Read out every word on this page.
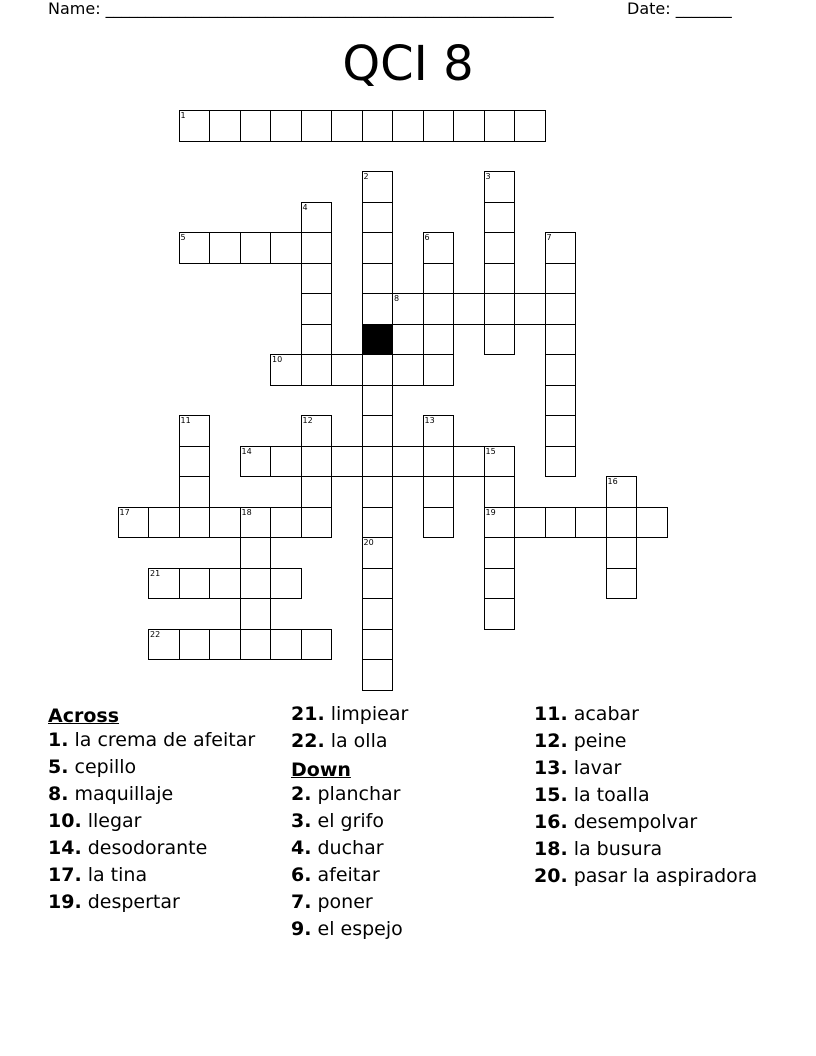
Name: ________________________________________________________	Date: _______
QCI 8
1
5
8
10
14	15
17	18	19
21
22
2
9
3
4
6	7
11	12	13
16
20
Across
1. la crema de afeitar
5. cepillo
8. maquillaje
10. llegar
14. desodorante
17. la tina
19. despertar
21. limpiear
22. la olla
Down
2. planchar
3. el grifo
4. duchar
6. afeitar
7. poner
9. el espejo
11. acabar
12. peine
13. lavar
15. la toalla
16. desempolvar
18. la busura
20. pasar la aspiradora
